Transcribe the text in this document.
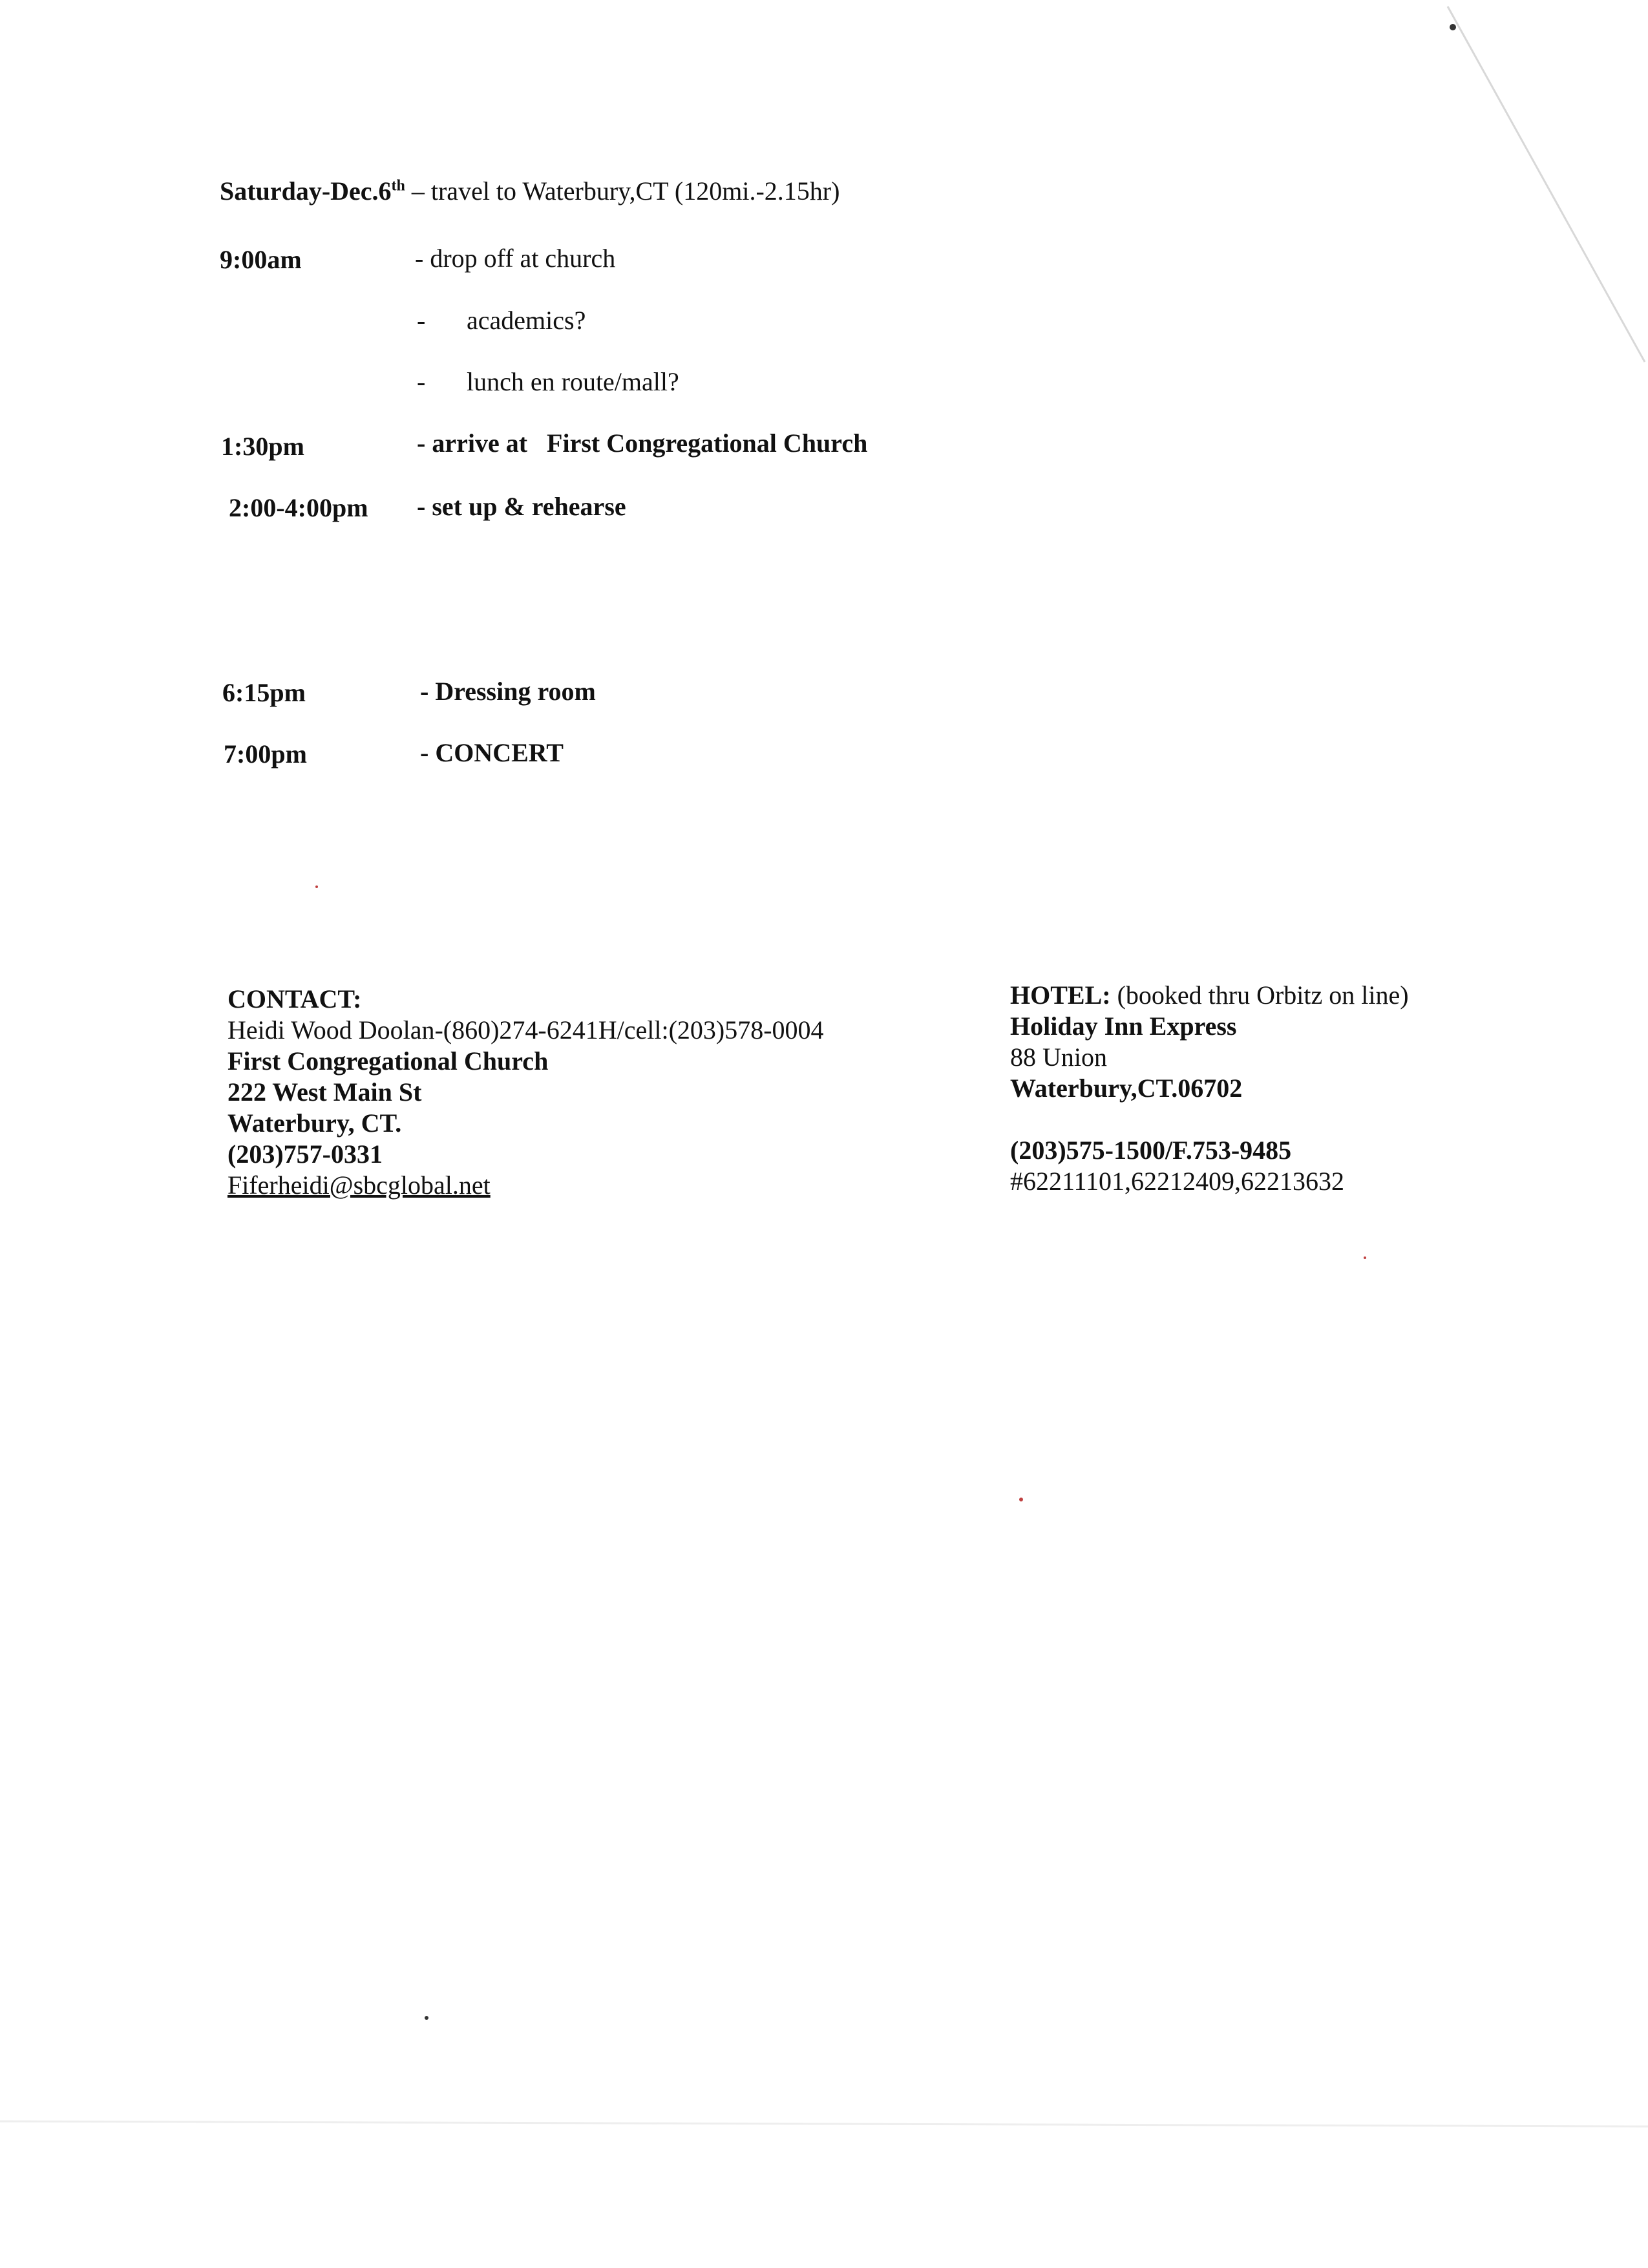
Saturday-Dec.6th – travel to Waterbury,CT (120mi.-2.15hr)
9:00am	- drop off at church
- academics?
- lunch en route/mall?
1:30pm	- arrive at First Congregational Church
2:00-4:00pm - set up & rehearse
6:15pm	- Dressing room
7:00pm	- CONCERT
CONTACT:
Heidi Wood Doolan-(860)274-6241H/cell:(203)578-0004
First Congregational Church
222 West Main St
Waterbury, CT.
(203)757-0331
Fiferheidi@sbcglobal.net
HOTEL: (booked thru Orbitz on line)
Holiday Inn Express
88 Union
Waterbury,CT.06702
(203)575-1500/F.753-9485
#62211101,62212409,62213632
